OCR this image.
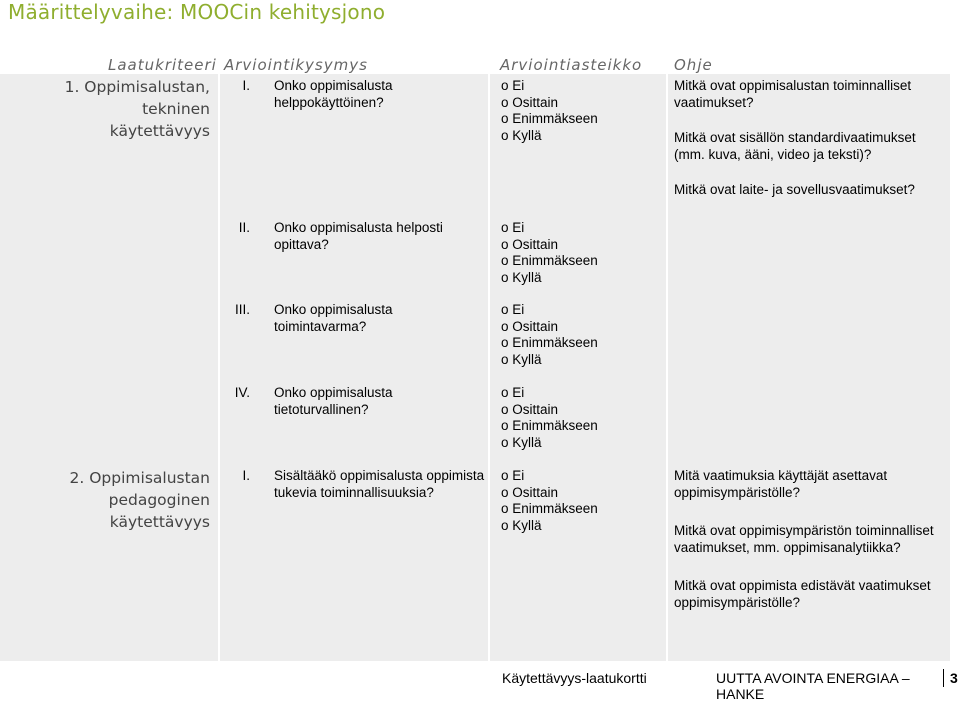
Määrittelyvaihe: MOOCin kehitysjono
Laatukriteeri Arviointikysymys	Arviointiasteikko Ohje
1. Oppimisalustan,
tekninen
käytettävyys
I. Onko oppimisalusta
helppokäyttöinen?
o Ei
o Osittain
o Enimmäkseen
o Kyllä
Mitkä ovat oppimisalustan toiminnalliset
vaatimukset?
Mitkä ovat sisällön standardivaatimukset
(mm. kuva, ääni, video ja teksti)?
Mitkä ovat laite- ja sovellusvaatimukset?
II. Onko oppimisalusta helposti
opittava?
o Ei
o Osittain
o Enimmäkseen
o Kyllä
III. Onko oppimisalusta
toimintavarma?
o Ei
o Osittain
o Enimmäkseen
o Kyllä
IV. Onko oppimisalusta
tietoturvallinen?
o Ei
o Osittain
o Enimmäkseen
o Kyllä
2. Oppimisalustan
pedagoginen
käytettävyys
I. Sisältääkö oppimisalusta oppimista
tukevia toiminnallisuuksia?
o Ei
o Osittain
o Enimmäkseen
o Kyllä
Mitä vaatimuksia käyttäjät asettavat
oppimisympäristölle?
Mitkä ovat oppimisympäristön toiminnalliset
vaatimukset, mm. oppimisanalytiikka?
Mitkä ovat oppimista edistävät vaatimukset
oppimisympäristölle?
Käytettävyys-laatukortti	UUTTA AVOINTA ENERGIAA – HANKE
3
